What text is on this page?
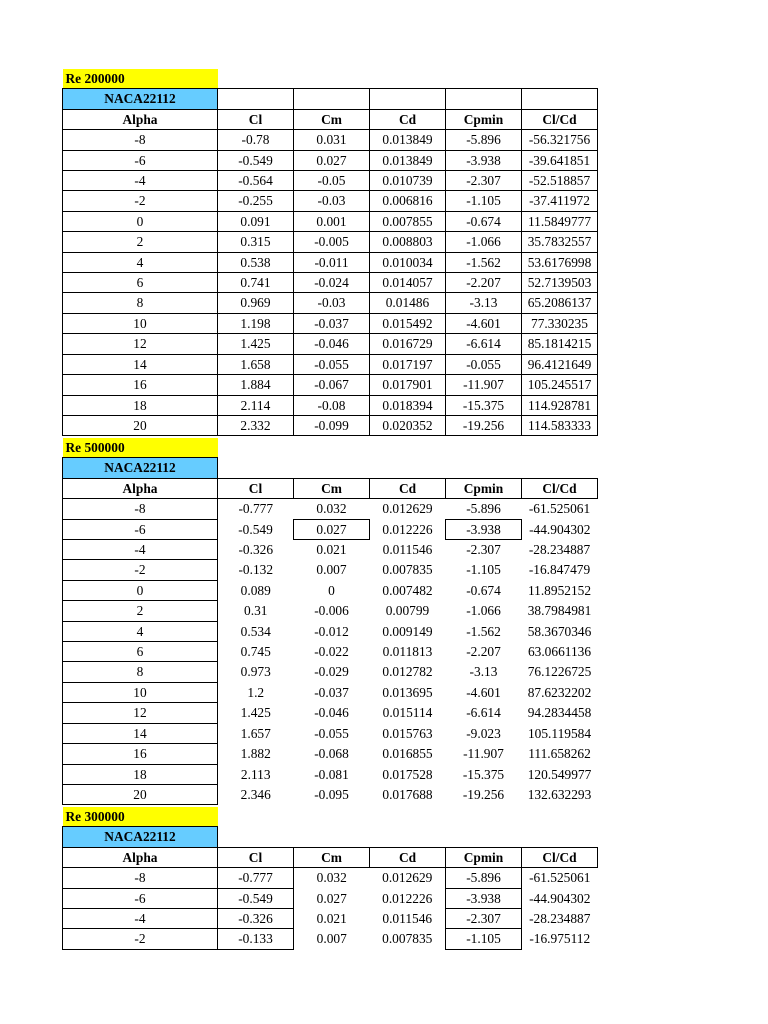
Re 200000					
NACA22112					
Alpha	Cl	Cm	Cd	Cpmin	Cl/Cd
-8	-0.78	0.031	0.013849	-5.896	-56.321756
-6	-0.549	0.027	0.013849	-3.938	-39.641851
-4	-0.564	-0.05	0.010739	-2.307	-52.518857
-2	-0.255	-0.03	0.006816	-1.105	-37.411972
0	0.091	0.001	0.007855	-0.674	11.5849777
2	0.315	-0.005	0.008803	-1.066	35.7832557
4	0.538	-0.011	0.010034	-1.562	53.6176998
6	0.741	-0.024	0.014057	-2.207	52.7139503
8	0.969	-0.03	0.01486	-3.13	65.2086137
10	1.198	-0.037	0.015492	-4.601	77.330235
12	1.425	-0.046	0.016729	-6.614	85.1814215
14	1.658	-0.055	0.017197	-0.055	96.4121649
16	1.884	-0.067	0.017901	-11.907	105.245517
18	2.114	-0.08	0.018394	-15.375	114.928781
20	2.332	-0.099	0.020352	-19.256	114.583333
Re 500000					
NACA22112					
Alpha	Cl	Cm	Cd	Cpmin	Cl/Cd
-8	-0.777	0.032	0.012629	-5.896	-61.525061
-6	-0.549	0.027	0.012226	-3.938	-44.904302
-4	-0.326	0.021	0.011546	-2.307	-28.234887
-2	-0.132	0.007	0.007835	-1.105	-16.847479
0	0.089	0	0.007482	-0.674	11.8952152
2	0.31	-0.006	0.00799	-1.066	38.7984981
4	0.534	-0.012	0.009149	-1.562	58.3670346
6	0.745	-0.022	0.011813	-2.207	63.0661136
8	0.973	-0.029	0.012782	-3.13	76.1226725
10	1.2	-0.037	0.013695	-4.601	87.6232202
12	1.425	-0.046	0.015114	-6.614	94.2834458
14	1.657	-0.055	0.015763	-9.023	105.119584
16	1.882	-0.068	0.016855	-11.907	111.658262
18	2.113	-0.081	0.017528	-15.375	120.549977
20	2.346	-0.095	0.017688	-19.256	132.632293
Re 300000					
NACA22112					
Alpha	Cl	Cm	Cd	Cpmin	Cl/Cd
-8	-0.777	0.032	0.012629	-5.896	-61.525061
-6	-0.549	0.027	0.012226	-3.938	-44.904302
-4	-0.326	0.021	0.011546	-2.307	-28.234887
-2	-0.133	0.007	0.007835	-1.105	-16.975112
